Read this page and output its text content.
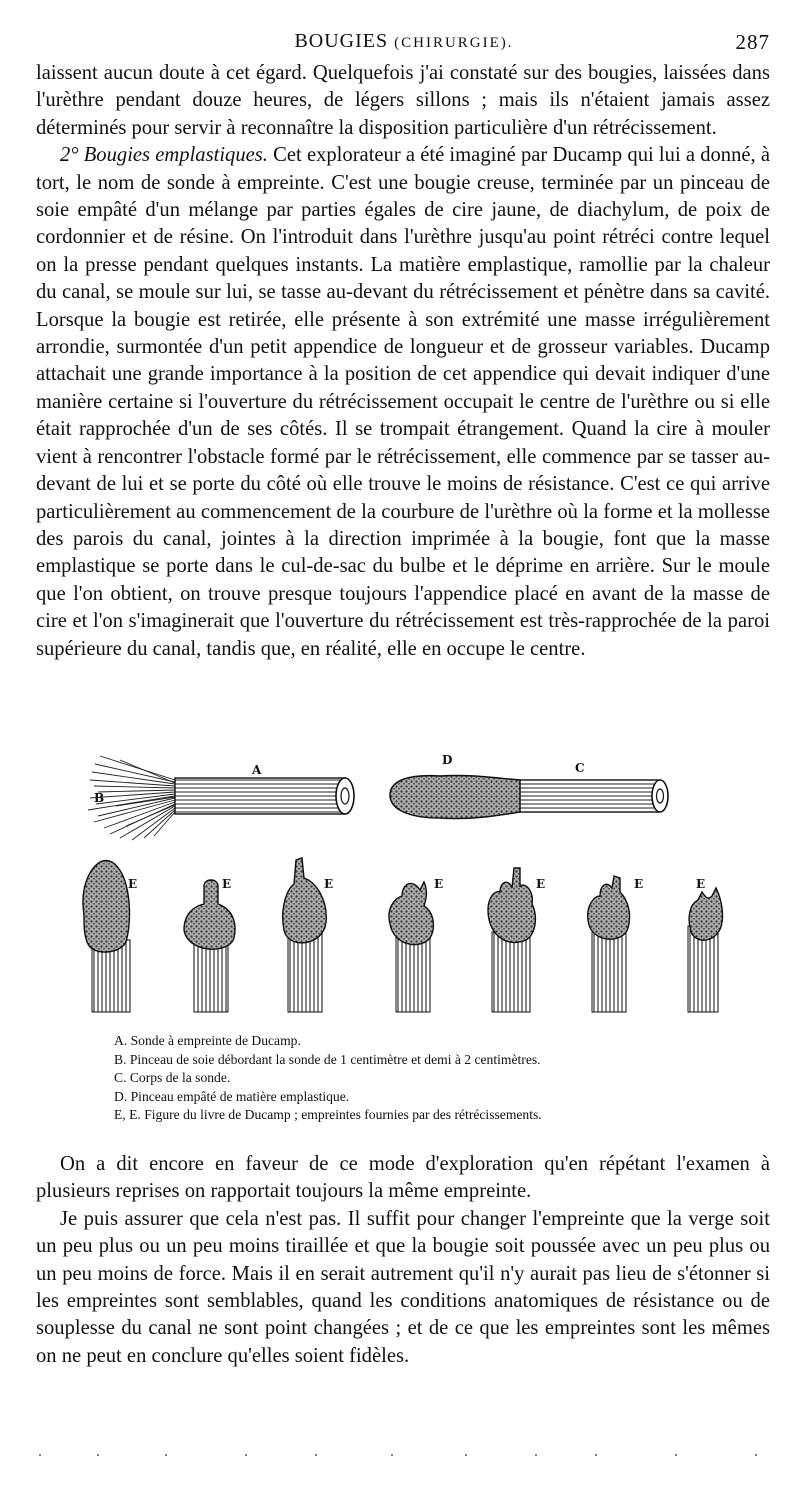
BOUGIES (CHIRURGIE).	287

laissent aucun doute à cet égard. Quelquefois j'ai constaté sur des bougies, laissées dans l'urèthre pendant douze heures, de légers sillons ; mais ils n'étaient jamais assez déterminés pour servir à reconnaître la disposition particulière d'un rétrécissement.

2° Bougies emplastiques. Cet explorateur a été imaginé par Ducamp qui lui a donné, à tort, le nom de sonde à empreinte. C'est une bougie creuse, terminée par un pinceau de soie empâté d'un mélange par parties égales de cire jaune, de diachylum, de poix de cordonnier et de résine. On l'introduit dans l'urèthre jusqu'au point rétréci contre lequel on la presse pendant quelques instants. La matière emplastique, ramollie par la chaleur du canal, se moule sur lui, se tasse au-devant du rétrécissement et pénètre dans sa cavité. Lorsque la bougie est retirée, elle présente à son extrémité une masse irrégulièrement arrondie, surmontée d'un petit appendice de longueur et de grosseur variables. Ducamp attachait une grande importance à la position de cet appendice qui devait indiquer d'une manière certaine si l'ouverture du rétrécissement occupait le centre de l'urèthre ou si elle était rapprochée d'un de ses côtés. Il se trompait étrangement. Quand la cire à mouler vient à rencontrer l'obstacle formé par le rétrécissement, elle commence par se tasser au-devant de lui et se porte du côté où elle trouve le moins de résistance. C'est ce qui arrive particulièrement au commencement de la courbure de l'urèthre où la forme et la mollesse des parois du canal, jointes à la direction imprimée à la bougie, font que la masse emplastique se porte dans le cul-de-sac du bulbe et le déprime en arrière. Sur le moule que l'on obtient, on trouve presque toujours l'appendice placé en avant de la masse de cire et l'on s'imaginerait que l'ouverture du rétrécissement est très-rapprochée de la paroi supérieure du canal, tandis que, en réalité, elle en occupe le centre.

A
B
D
C
E	E	E	E	E	E	E
A. Sonde à empreinte de Ducamp.
B. Pinceau de soie débordant la sonde de 1 centimètre et demi à 2 centimètres.
C. Corps de la sonde.
D. Pinceau empâté de matière emplastique.
E, E. Figure du livre de Ducamp ; empreintes fournies par des rétrécissements.

On a dit encore en faveur de ce mode d'exploration qu'en répétant l'examen à plusieurs reprises on rapportait toujours la même empreinte.

Je puis assurer que cela n'est pas. Il suffit pour changer l'empreinte que la verge soit un peu plus ou un peu moins tiraillée et que la bougie soit poussée avec un peu plus ou un peu moins de force. Mais il en serait autrement qu'il n'y aurait pas lieu de s'étonner si les empreintes sont semblables, quand les conditions anatomiques de résistance ou de souplesse du canal ne sont point changées ; et de ce que les empreintes sont les mêmes on ne peut en conclure qu'elles soient fidèles.
